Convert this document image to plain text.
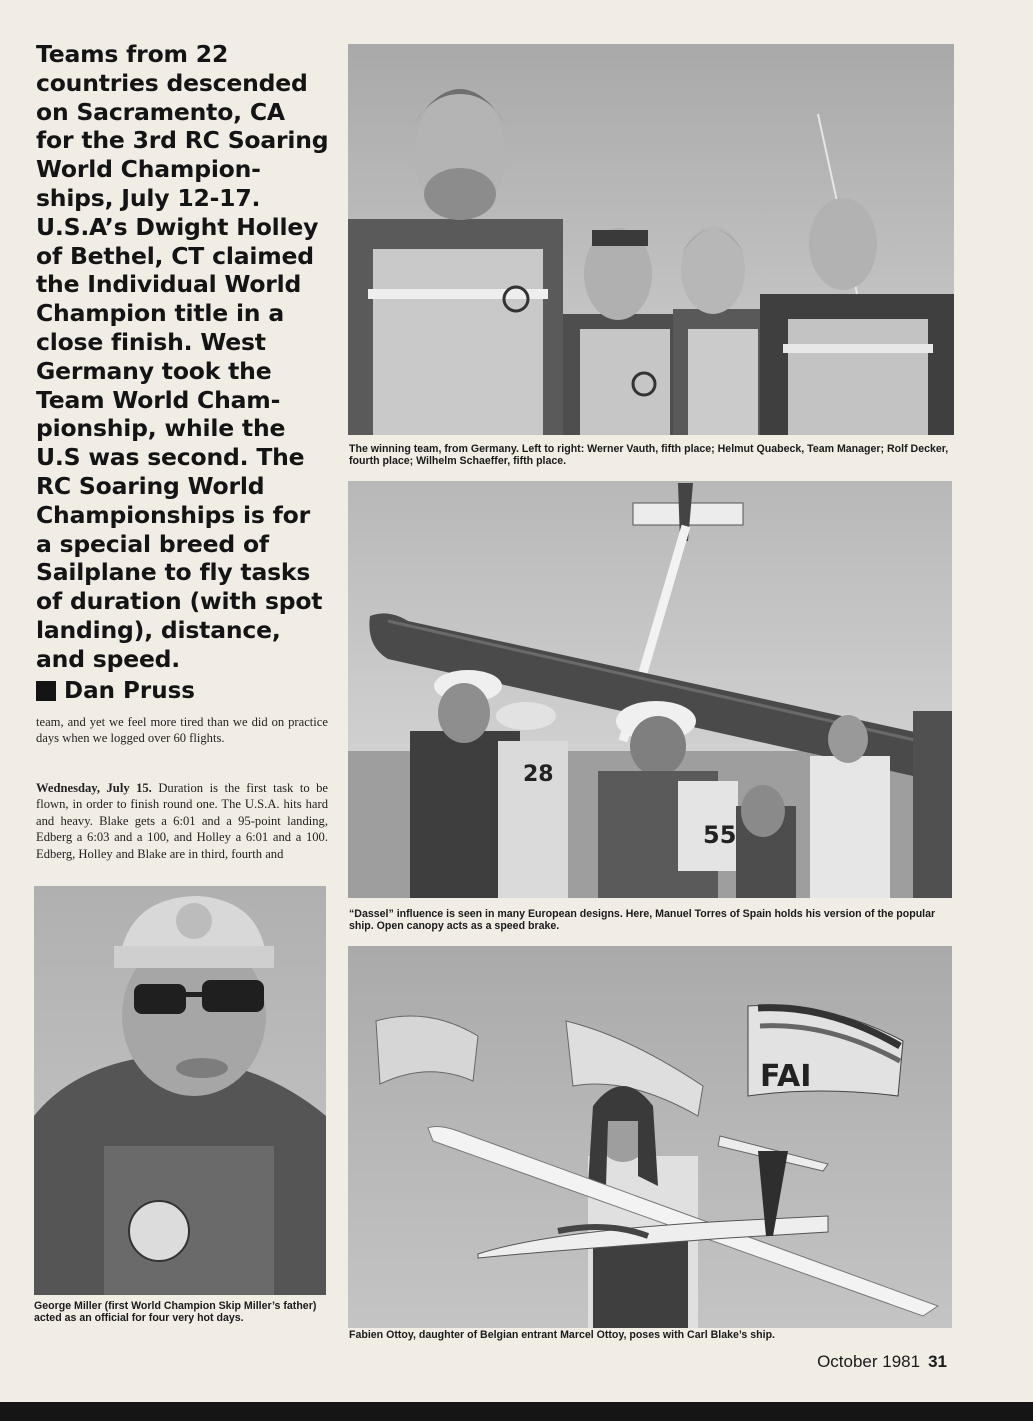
Teams from 22
countries descended
on Sacramento, CA
for the 3rd RC Soaring
World Champion-
ships, July 12-17.
U.S.A’s Dwight Holley
of Bethel, CT claimed
the Individual World
Champion title in a
close finish. West
Germany took the
Team World Cham-
pionship, while the
U.S was second. The
RC Soaring World
Championships is for
a special breed of
Sailplane to fly tasks
of duration (with spot
landing), distance,
and speed.

Dan Pruss

team, and yet we feel more tired than we did on practice days when we logged over 60 flights.

Wednesday, July 15. Duration is the first task to be flown, in order to finish round one. The U.S.A. hits hard and heavy. Blake gets a 6:01 and a 95-point landing, Edberg a 6:03 and a 100, and Holley a 6:01 and a 100. Edberg, Holley and Blake are in third, fourth and

The winning team, from Germany. Left to right: Werner Vauth, fifth place; Helmut Quabeck, Team Manager; Rolf Decker, fourth place; Wilhelm Schaeffer, fifth place.

28
55

“Dassel” influence is seen in many European designs. Here, Manuel Torres of Spain holds his version of the popular ship. Open canopy acts as a speed brake.

George Miller (first World Champion Skip Miller’s father) acted as an official for four very hot days.

FAI

Fabien Ottoy, daughter of Belgian entrant Marcel Ottoy, poses with Carl Blake’s ship.

October 1981 31
